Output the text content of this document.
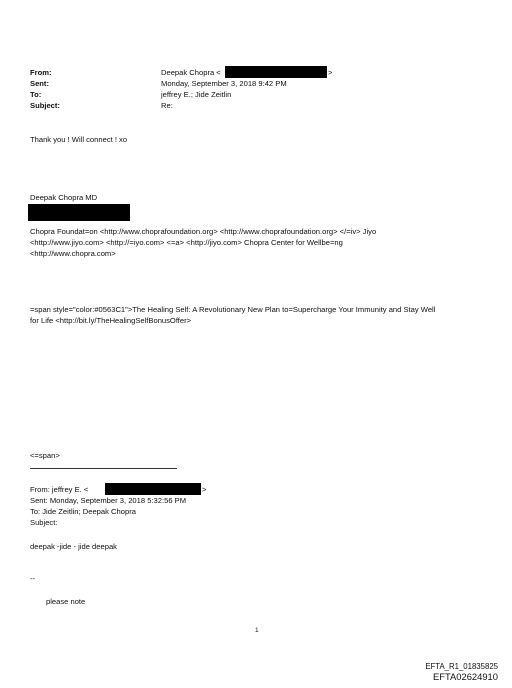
From:
Sent:
To:
Subject:
Deepak Chopra <	>
Monday, September 3, 2018 9:42 PM
jeffrey E.; Jide Zeitlin
Re:
Thank you ! Will connect ! xo
Deepak Chopra MD
Chopra Foundat=on <http://www.choprafoundation.org> <http://www.choprafoundation.org> </=iv> Jiyo
<http://www.jiyo.com> <http://=iyo.com> <=a> <http://jiyo.com> Chopra Center for Wellbe=ng
<http://www.chopra.com>
=span style="color:#0563C1">The Healing Self: A Revolutionary New Plan to=Supercharge Your Immunity and Stay Well
for Life <http://bit.ly/TheHealingSelfBonusOffer>
<=span>
From: jeffrey E. <	>
Sent: Monday, September 3, 2018 5:32:56 PM
To: Jide Zeitlin; Deepak Chopra
Subject:
deepak -jide - jide deepak
--
please note
1
EFTA_R1_01835825
EFTA02624910
